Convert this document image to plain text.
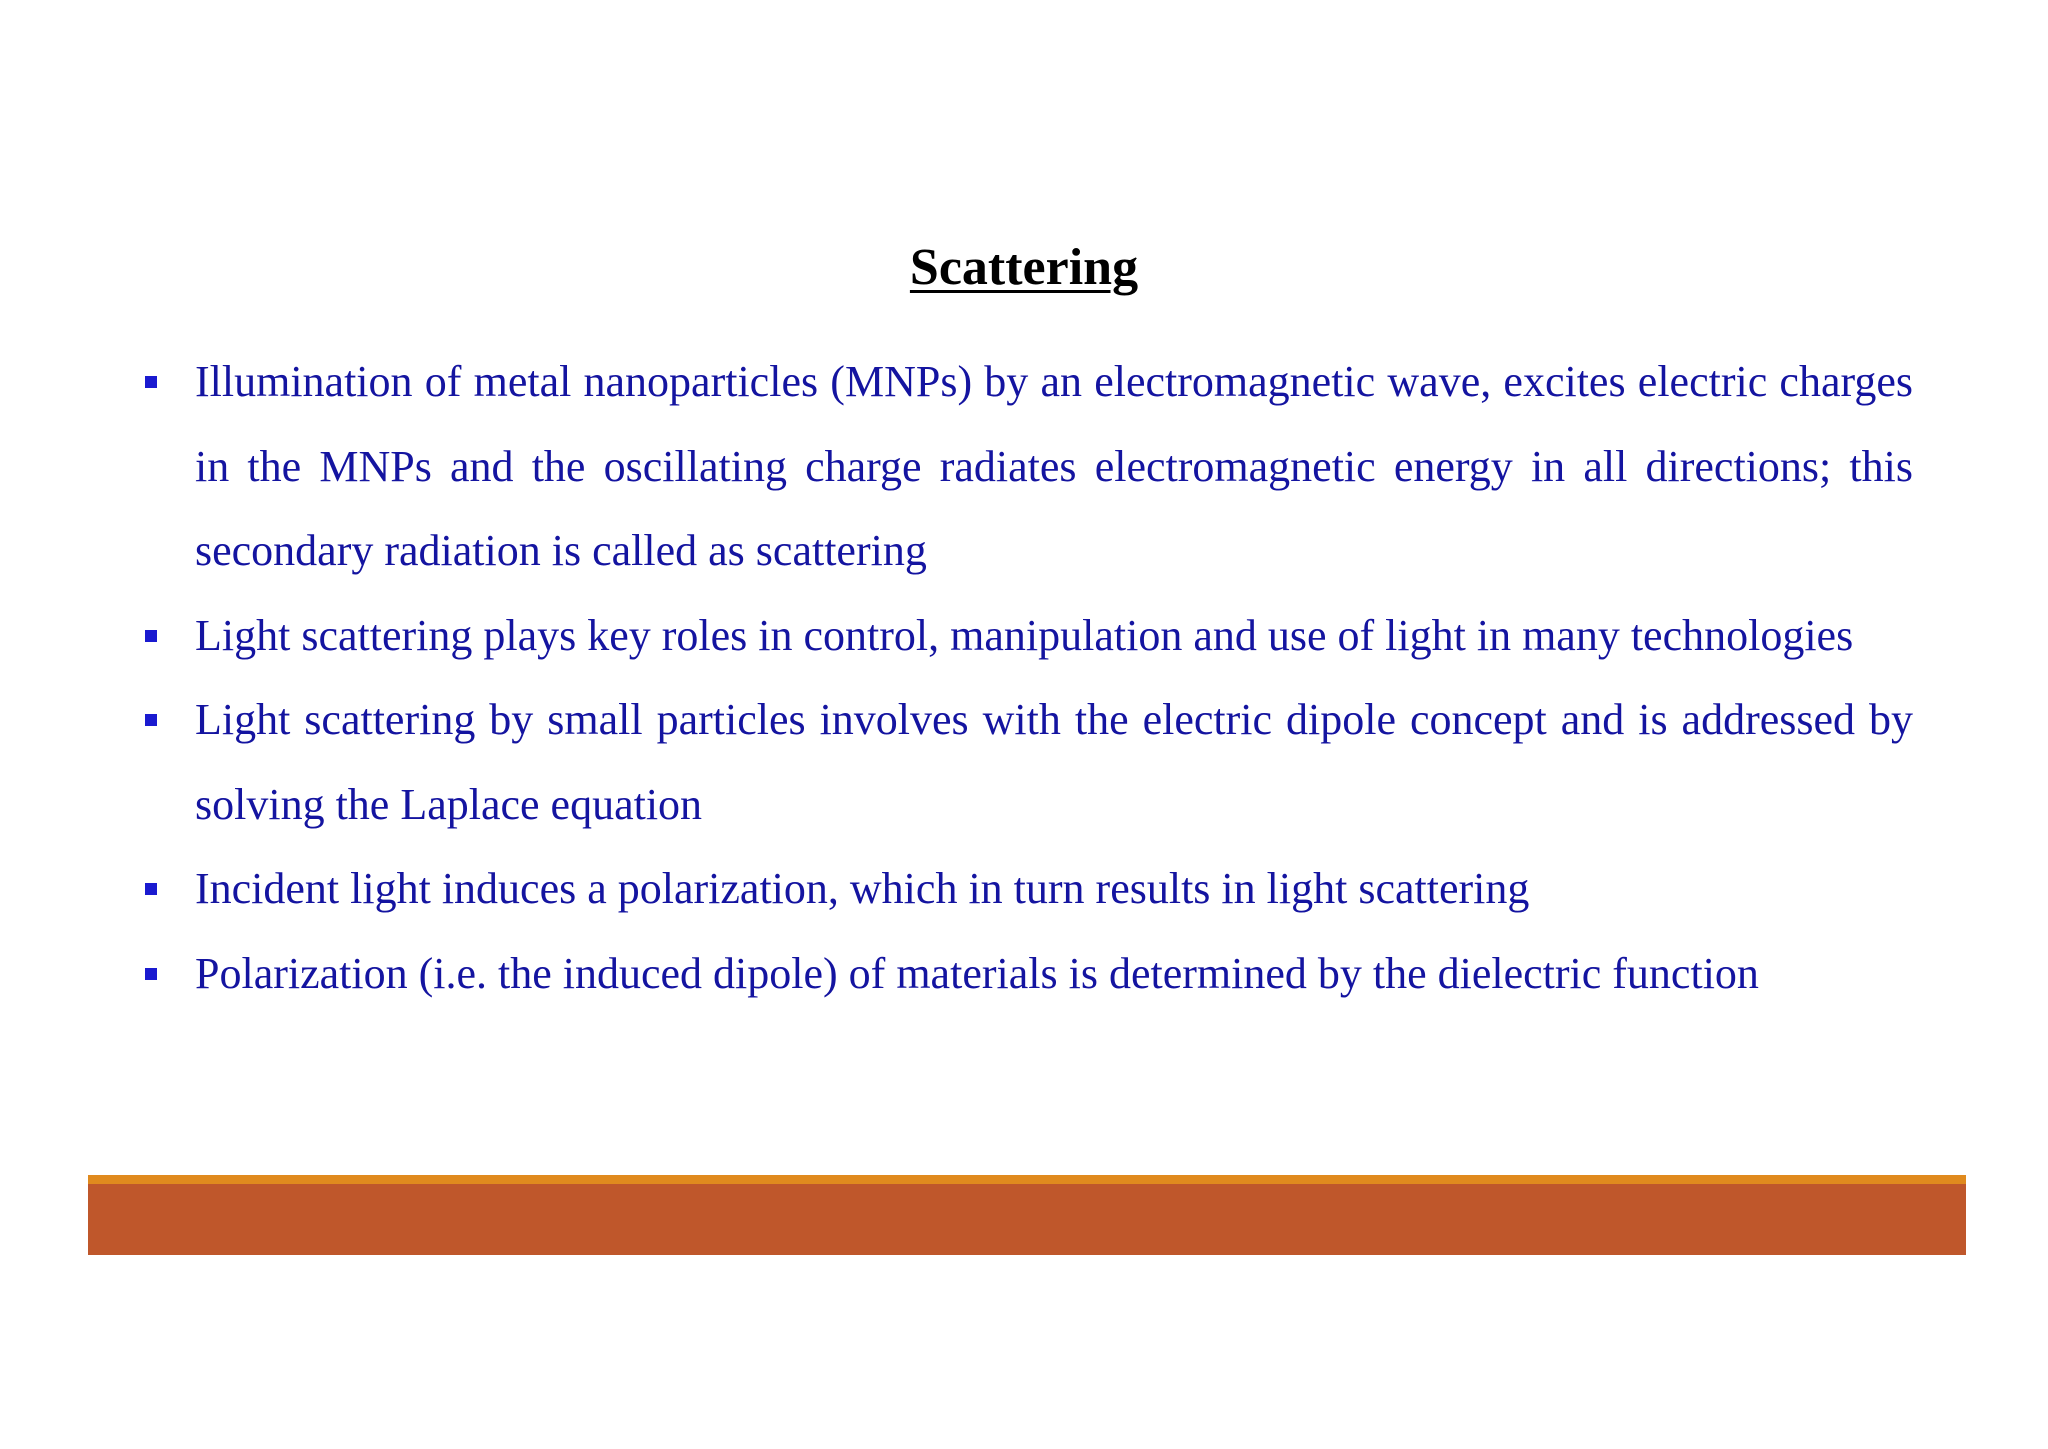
Scattering
Illumination of metal nanoparticles (MNPs) by an electromagnetic wave, excites electric charges in the MNPs and the oscillating charge radiates electromagnetic energy in all directions; this secondary radiation is called as scattering
Light scattering plays key roles in control, manipulation and use of light in many technologies
Light scattering by small particles involves with the electric dipole concept and is addressed by solving the Laplace equation
Incident light induces a polarization, which in turn results in light scattering
Polarization (i.e. the induced dipole) of materials is determined by the dielectric function
